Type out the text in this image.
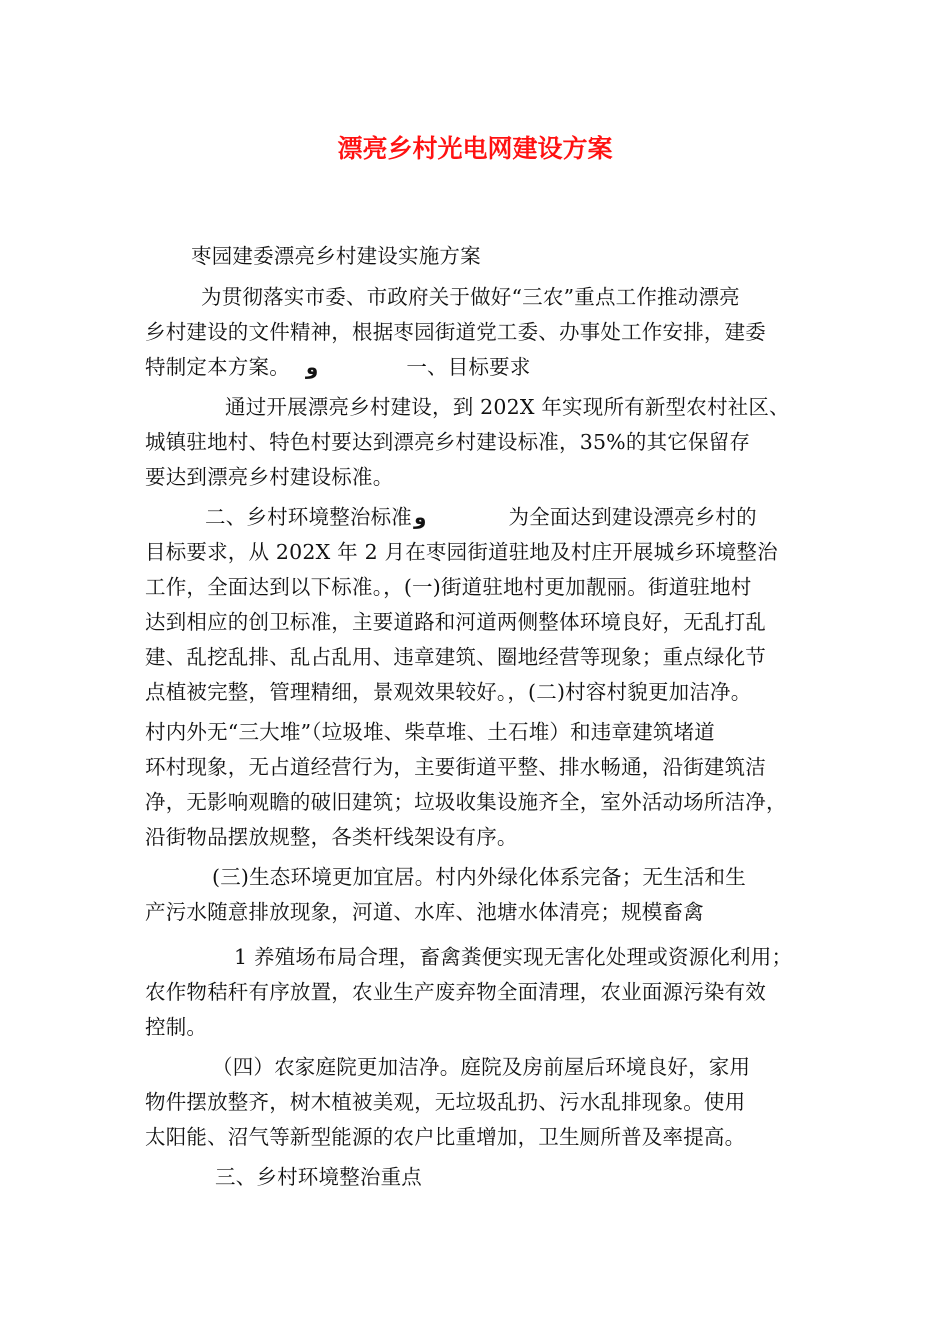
漂亮乡村光电网建设方案
枣园建委漂亮乡村建设实施方案
为贯彻落实市委、市政府关于做好“三农”重点工作推动漂亮
乡村建设的文件精神，根据枣园街道党工委、办事处工作安排，建委
特制定本方案。 و	一、目标要求
通过开展漂亮乡村建设，到 202X 年实现所有新型农村社区、
城镇驻地村、特色村要达到漂亮乡村建设标准，35%的其它保留存
要达到漂亮乡村建设标准。
二、乡村环境整治标准 و	为全面达到建设漂亮乡村的
目标要求，从 202X 年 2 月在枣园街道驻地及村庄开展城乡环境整治
工作，全面达到以下标准。，(一)街道驻地村更加靓丽。街道驻地村
达到相应的创卫标准，主要道路和河道两侧整体环境良好，无乱打乱
建、乱挖乱排、乱占乱用、违章建筑、圈地经营等现象；重点绿化节
点植被完整，管理精细，景观效果较好。，(二)村容村貌更加洁净。
村内外无“三大堆”（垃圾堆、柴草堆、土石堆）和违章建筑堵道
环村现象，无占道经营行为，主要街道平整、排水畅通，沿街建筑洁
净，无影响观瞻的破旧建筑；垃圾收集设施齐全，室外活动场所洁净，
沿街物品摆放规整，各类杆线架设有序。
(三)生态环境更加宜居。村内外绿化体系完备；无生活和生
产污水随意排放现象，河道、水库、池塘水体清亮；规模畜禽
1 养殖场布局合理，畜禽粪便实现无害化处理或资源化利用；
农作物秸秆有序放置，农业生产废弃物全面清理，农业面源污染有效
控制。
（四）农家庭院更加洁净。庭院及房前屋后环境良好，家用
物件摆放整齐，树木植被美观，无垃圾乱扔、污水乱排现象。使用
太阳能、沼气等新型能源的农户比重增加，卫生厕所普及率提高。
三、乡村环境整治重点
